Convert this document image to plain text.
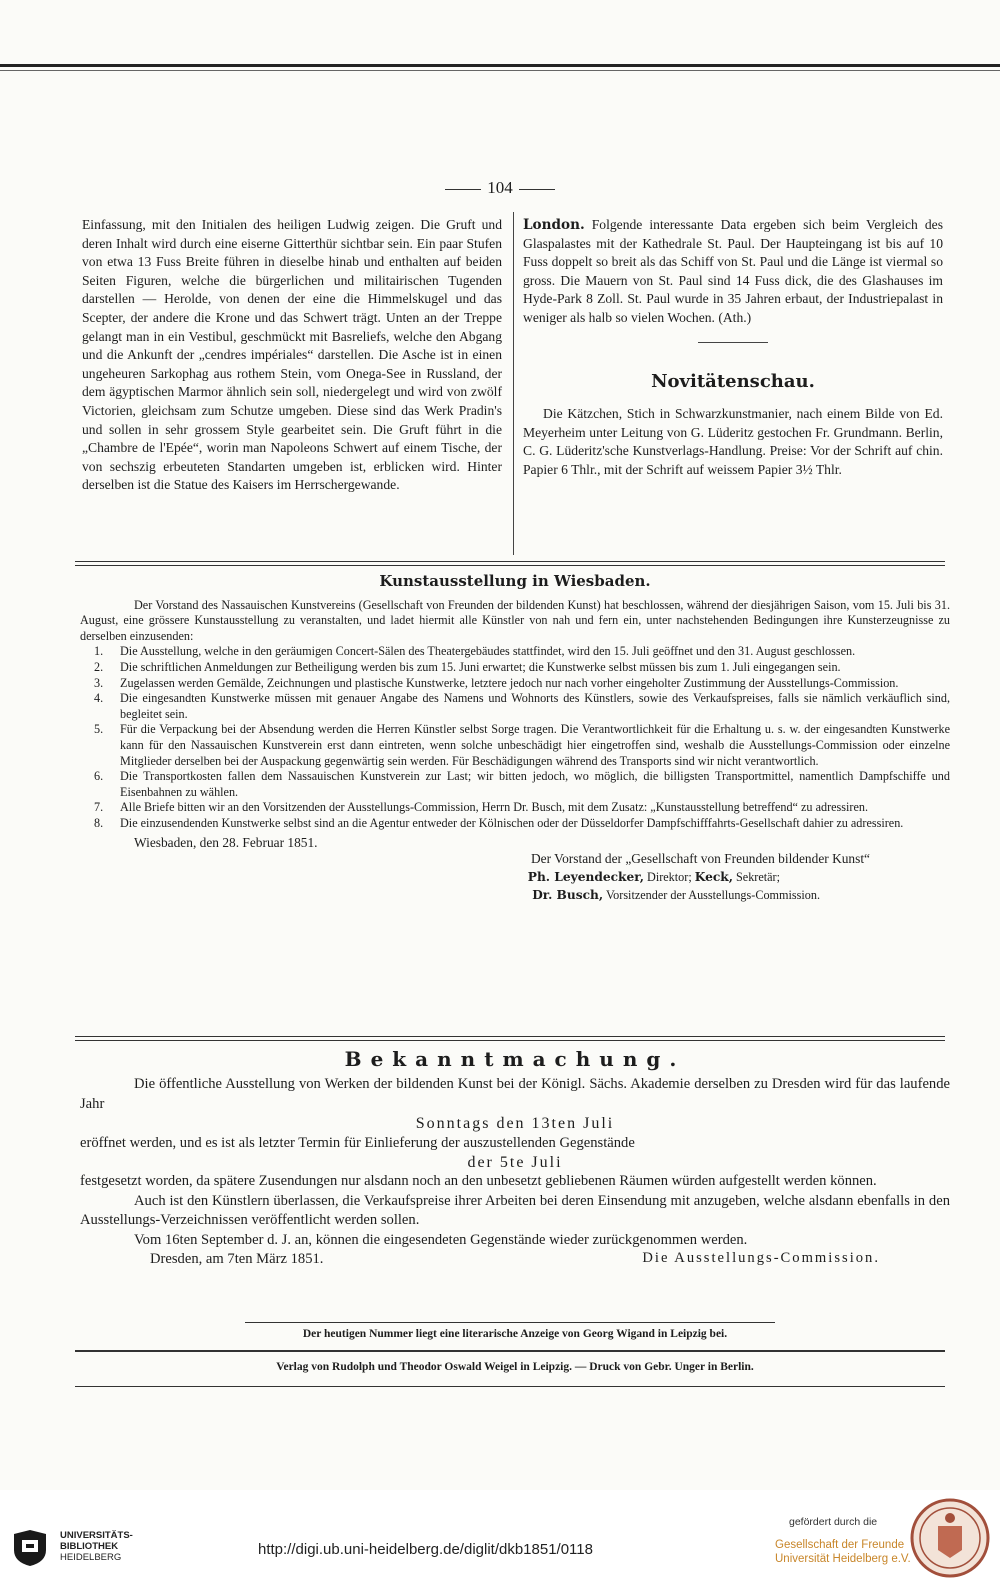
104

Einfassung, mit den Initialen des heiligen Ludwig zeigen. Die Gruft und deren Inhalt wird durch eine eiserne Gitterthür sichtbar sein. Ein paar Stufen von etwa 13 Fuss Breite führen in dieselbe hinab und enthalten auf beiden Seiten Figuren, welche die bürgerlichen und militairischen Tugenden darstellen — Herolde, von denen der eine die Himmelskugel und das Scepter, der andere die Krone und das Schwert trägt. Unten an der Treppe gelangt man in ein Vestibul, geschmückt mit Basreliefs, welche den Abgang und die Ankunft der „cendres impériales“ darstellen. Die Asche ist in einen ungeheuren Sarkophag aus rothem Stein, vom Onega-See in Russland, der dem ägyptischen Marmor ähnlich sein soll, niedergelegt und wird von zwölf Victorien, gleichsam zum Schutze umgeben. Diese sind das Werk Pradin's und sollen in sehr grossem Style gearbeitet sein. Die Gruft führt in die „Chambre de l'Epée“, worin man Napoleons Schwert auf einem Tische, der von sechszig erbeuteten Standarten umgeben ist, erblicken wird. Hinter derselben ist die Statue des Kaisers im Herrschergewande.

London. Folgende interessante Data ergeben sich beim Vergleich des Glaspalastes mit der Kathedrale St. Paul. Der Haupteingang ist bis auf 10 Fuss doppelt so breit als das Schiff von St. Paul und die Länge ist viermal so gross. Die Mauern von St. Paul sind 14 Fuss dick, die des Glashauses im Hyde-Park 8 Zoll. St. Paul wurde in 35 Jahren erbaut, der Industriepalast in weniger als halb so vielen Wochen. (Ath.)

Novitätenschau.

Die Kätzchen, Stich in Schwarzkunstmanier, nach einem Bilde von Ed. Meyerheim unter Leitung von G. Lüderitz gestochen Fr. Grundmann. Berlin, C. G. Lüderitz'sche Kunstverlags-Handlung. Preise: Vor der Schrift auf chin. Papier 6 Thlr., mit der Schrift auf weissem Papier 3½ Thlr.

Kunstausstellung in Wiesbaden.

Der Vorstand des Nassauischen Kunstvereins (Gesellschaft von Freunden der bildenden Kunst) hat beschlossen, während der diesjährigen Saison, vom 15. Juli bis 31. August, eine grössere Kunstausstellung zu veranstalten, und ladet hiermit alle Künstler von nah und fern ein, unter nachstehenden Bedingungen ihre Kunsterzeugnisse zu derselben einzusenden:

1. Die Ausstellung, welche in den geräumigen Concert-Sälen des Theatergebäudes stattfindet, wird den 15. Juli geöffnet und den 31. August geschlossen.
2. Die schriftlichen Anmeldungen zur Betheiligung werden bis zum 15. Juni erwartet; die Kunstwerke selbst müssen bis zum 1. Juli eingegangen sein.
3. Zugelassen werden Gemälde, Zeichnungen und plastische Kunstwerke, letztere jedoch nur nach vorher eingeholter Zustimmung der Ausstellungs-Commission.
4. Die eingesandten Kunstwerke müssen mit genauer Angabe des Namens und Wohnorts des Künstlers, sowie des Verkaufspreises, falls sie nämlich verkäuflich sind, begleitet sein.
5. Für die Verpackung bei der Absendung werden die Herren Künstler selbst Sorge tragen. Die Verantwortlichkeit für die Erhaltung u. s. w. der eingesandten Kunstwerke kann für den Nassauischen Kunstverein erst dann eintreten, wenn solche unbeschädigt hier eingetroffen sind, weshalb die Ausstellungs-Commission oder einzelne Mitglieder derselben bei der Auspackung gegenwärtig sein werden. Für Beschädigungen während des Transports sind wir nicht verantwortlich.
6. Die Transportkosten fallen dem Nassauischen Kunstverein zur Last; wir bitten jedoch, wo möglich, die billigsten Transportmittel, namentlich Dampfschiffe und Eisenbahnen zu wählen.
7. Alle Briefe bitten wir an den Vorsitzenden der Ausstellungs-Commission, Herrn Dr. Busch, mit dem Zusatz: „Kunstausstellung betreffend“ zu adressiren.
8. Die einzusendenden Kunstwerke selbst sind an die Agentur entweder der Kölnischen oder der Düsseldorfer Dampfschifffahrts-Gesellschaft dahier zu adressiren.

Wiesbaden, den 28. Februar 1851.

Der Vorstand der „Gesellschaft von Freunden bildender Kunst“

Ph. Leyendecker, Direktor; Keck, Sekretär;

Dr. Busch, Vorsitzender der Ausstellungs-Commission.

Bekanntmachung.

Die öffentliche Ausstellung von Werken der bildenden Kunst bei der Königl. Sächs. Akademie derselben zu Dresden wird für das laufende Jahr

Sonntags den 13ten Juli

eröffnet werden, und es ist als letzter Termin für Einlieferung der auszustellenden Gegenstände

der 5te Juli

festgesetzt worden, da spätere Zusendungen nur alsdann noch an den unbesetzt gebliebenen Räumen würden aufgestellt werden können.

Auch ist den Künstlern überlassen, die Verkaufspreise ihrer Arbeiten bei deren Einsendung mit anzugeben, welche alsdann ebenfalls in den Ausstellungs-Verzeichnissen veröffentlicht werden sollen.

Vom 16ten September d. J. an, können die eingesendeten Gegenstände wieder zurückgenommen werden.

Dresden, am 7ten März 1851.	Die Ausstellungs-Commission.

Der heutigen Nummer liegt eine literarische Anzeige von Georg Wigand in Leipzig bei.
Verlag von Rudolph und Theodor Oswald Weigel in Leipzig. — Druck von Gebr. Unger in Berlin.
UNIVERSITÄTS-
BIBLIOTHEK
HEIDELBERG	http://digi.ub.uni-heidelberg.de/diglit/dkb1851/0118
gefördert durch die
Gesellschaft der Freunde
Universität Heidelberg e.V.
